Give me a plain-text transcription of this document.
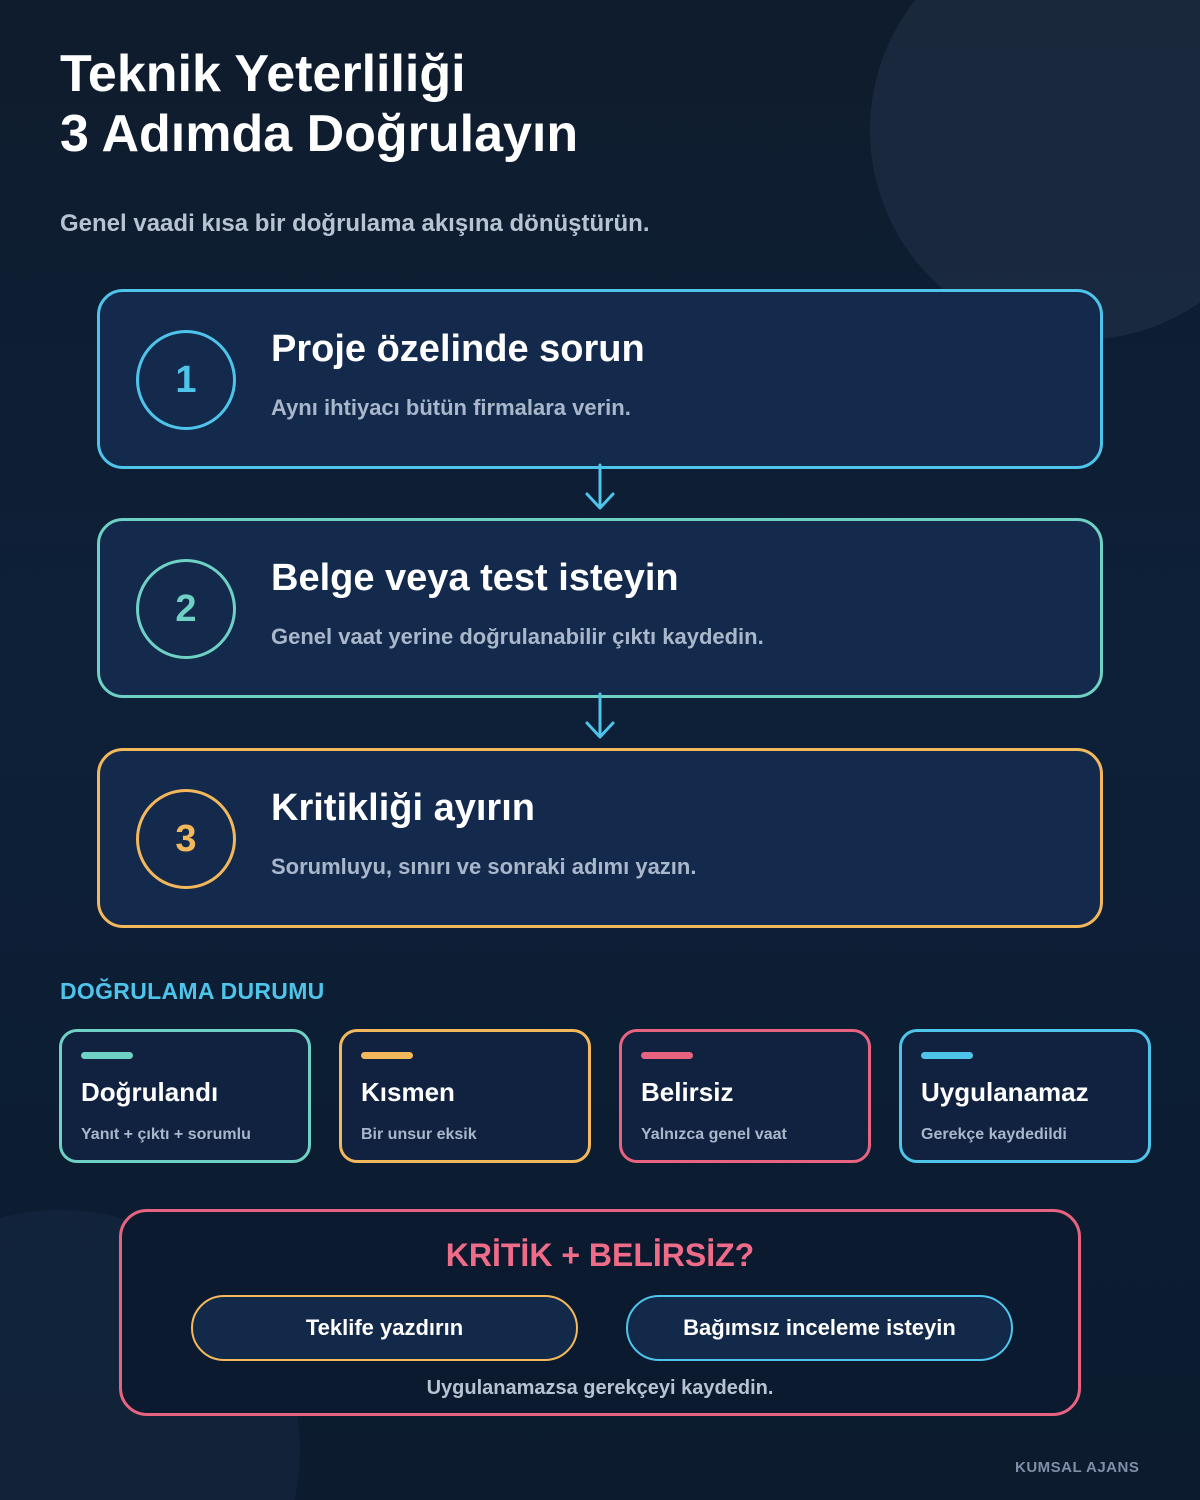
Teknik Yeterliliği
3 Adımda Doğrulayın
Genel vaadi kısa bir doğrulama akışına dönüştürün.
1
Proje özelinde sorun
Aynı ihtiyacı bütün firmalara verin.
2
Belge veya test isteyin
Genel vaat yerine doğrulanabilir çıktı kaydedin.
3
Kritikliği ayırın
Sorumluyu, sınırı ve sonraki adımı yazın.
DOĞRULAMA DURUMU
Doğrulandı
Yanıt + çıktı + sorumlu
Kısmen
Bir unsur eksik
Belirsiz
Yalnızca genel vaat
Uygulanamaz
Gerekçe kaydedildi
KRİTİK + BELİRSİZ?
Teklife yazdırın	Bağımsız inceleme isteyin
Uygulanamazsa gerekçeyi kaydedin.
KUMSAL AJANS
